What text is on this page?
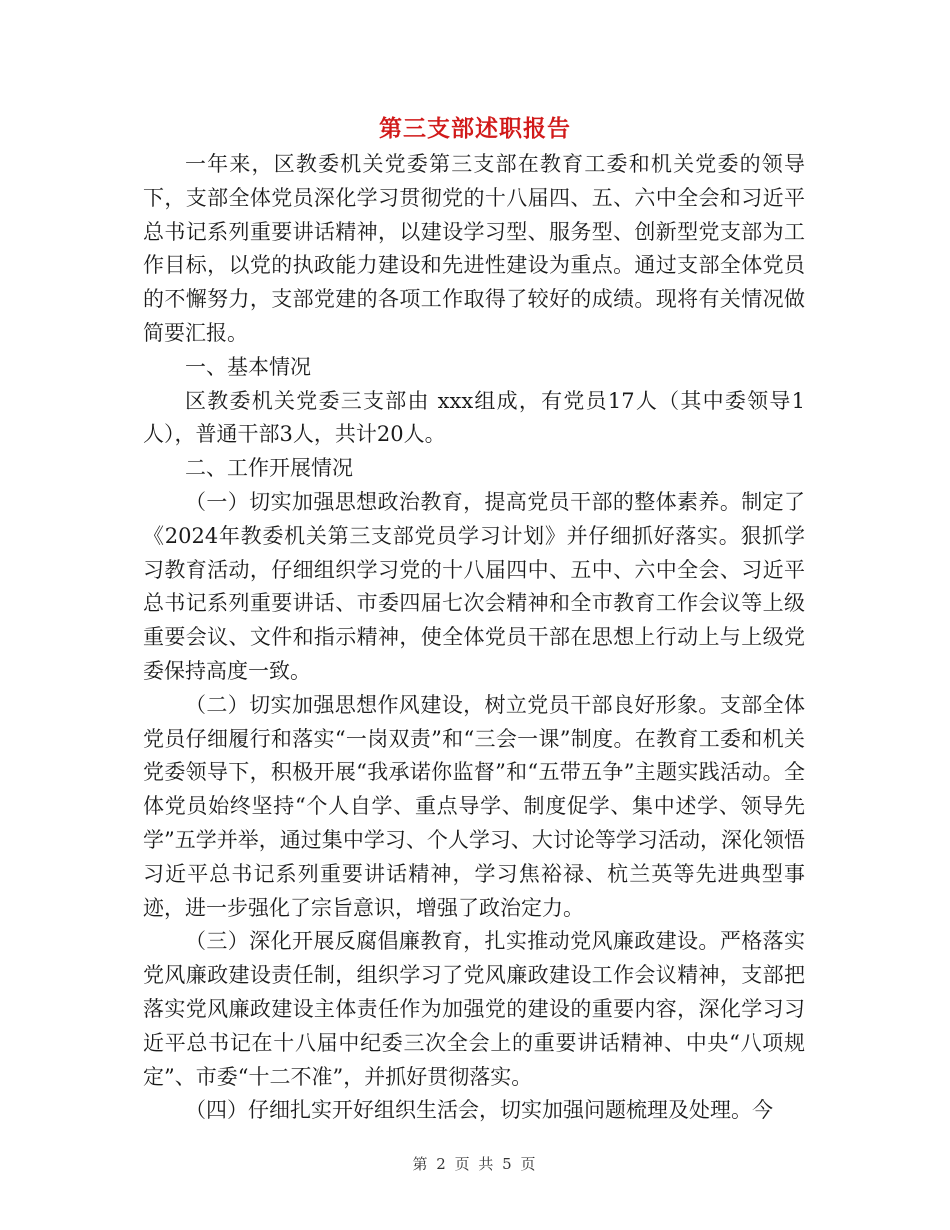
第三支部述职报告

一年来，区教委机关党委第三支部在教育工委和机关党委的领导下，支部全体党员深化学习贯彻党的十八届四、五、六中全会和习近平总书记系列重要讲话精神，以建设学习型、服务型、创新型党支部为工作目标，以党的执政能力建设和先进性建设为重点。通过支部全体党员的不懈努力，支部党建的各项工作取得了较好的成绩。现将有关情况做简要汇报。

一、基本情况

区教委机关党委三支部由 xxx组成，有党员17人（其中委领导1人），普通干部3人，共计20人。

二、工作开展情况

（一）切实加强思想政治教育，提高党员干部的整体素养。制定了《2024年教委机关第三支部党员学习计划》并仔细抓好落实。狠抓学习教育活动，仔细组织学习党的十八届四中、五中、六中全会、习近平总书记系列重要讲话、市委四届七次会精神和全市教育工作会议等上级重要会议、文件和指示精神，使全体党员干部在思想上行动上与上级党委保持高度一致。

（二）切实加强思想作风建设，树立党员干部良好形象。支部全体党员仔细履行和落实“一岗双责”和“三会一课”制度。在教育工委和机关党委领导下，积极开展“我承诺你监督”和“五带五争”主题实践活动。全体党员始终坚持“个人自学、重点导学、制度促学、集中述学、领导先学”五学并举，通过集中学习、个人学习、大讨论等学习活动，深化领悟习近平总书记系列重要讲话精神，学习焦裕禄、杭兰英等先进典型事迹，进一步强化了宗旨意识，增强了政治定力。

（三）深化开展反腐倡廉教育，扎实推动党风廉政建设。严格落实党风廉政建设责任制，组织学习了党风廉政建设工作会议精神，支部把落实党风廉政建设主体责任作为加强党的建设的重要内容，深化学习习近平总书记在十八届中纪委三次全会上的重要讲话精神、中央“八项规定”、市委“十二不准”，并抓好贯彻落实。

（四）仔细扎实开好组织生活会，切实加强问题梳理及处理。今

第 2 页 共 5 页
